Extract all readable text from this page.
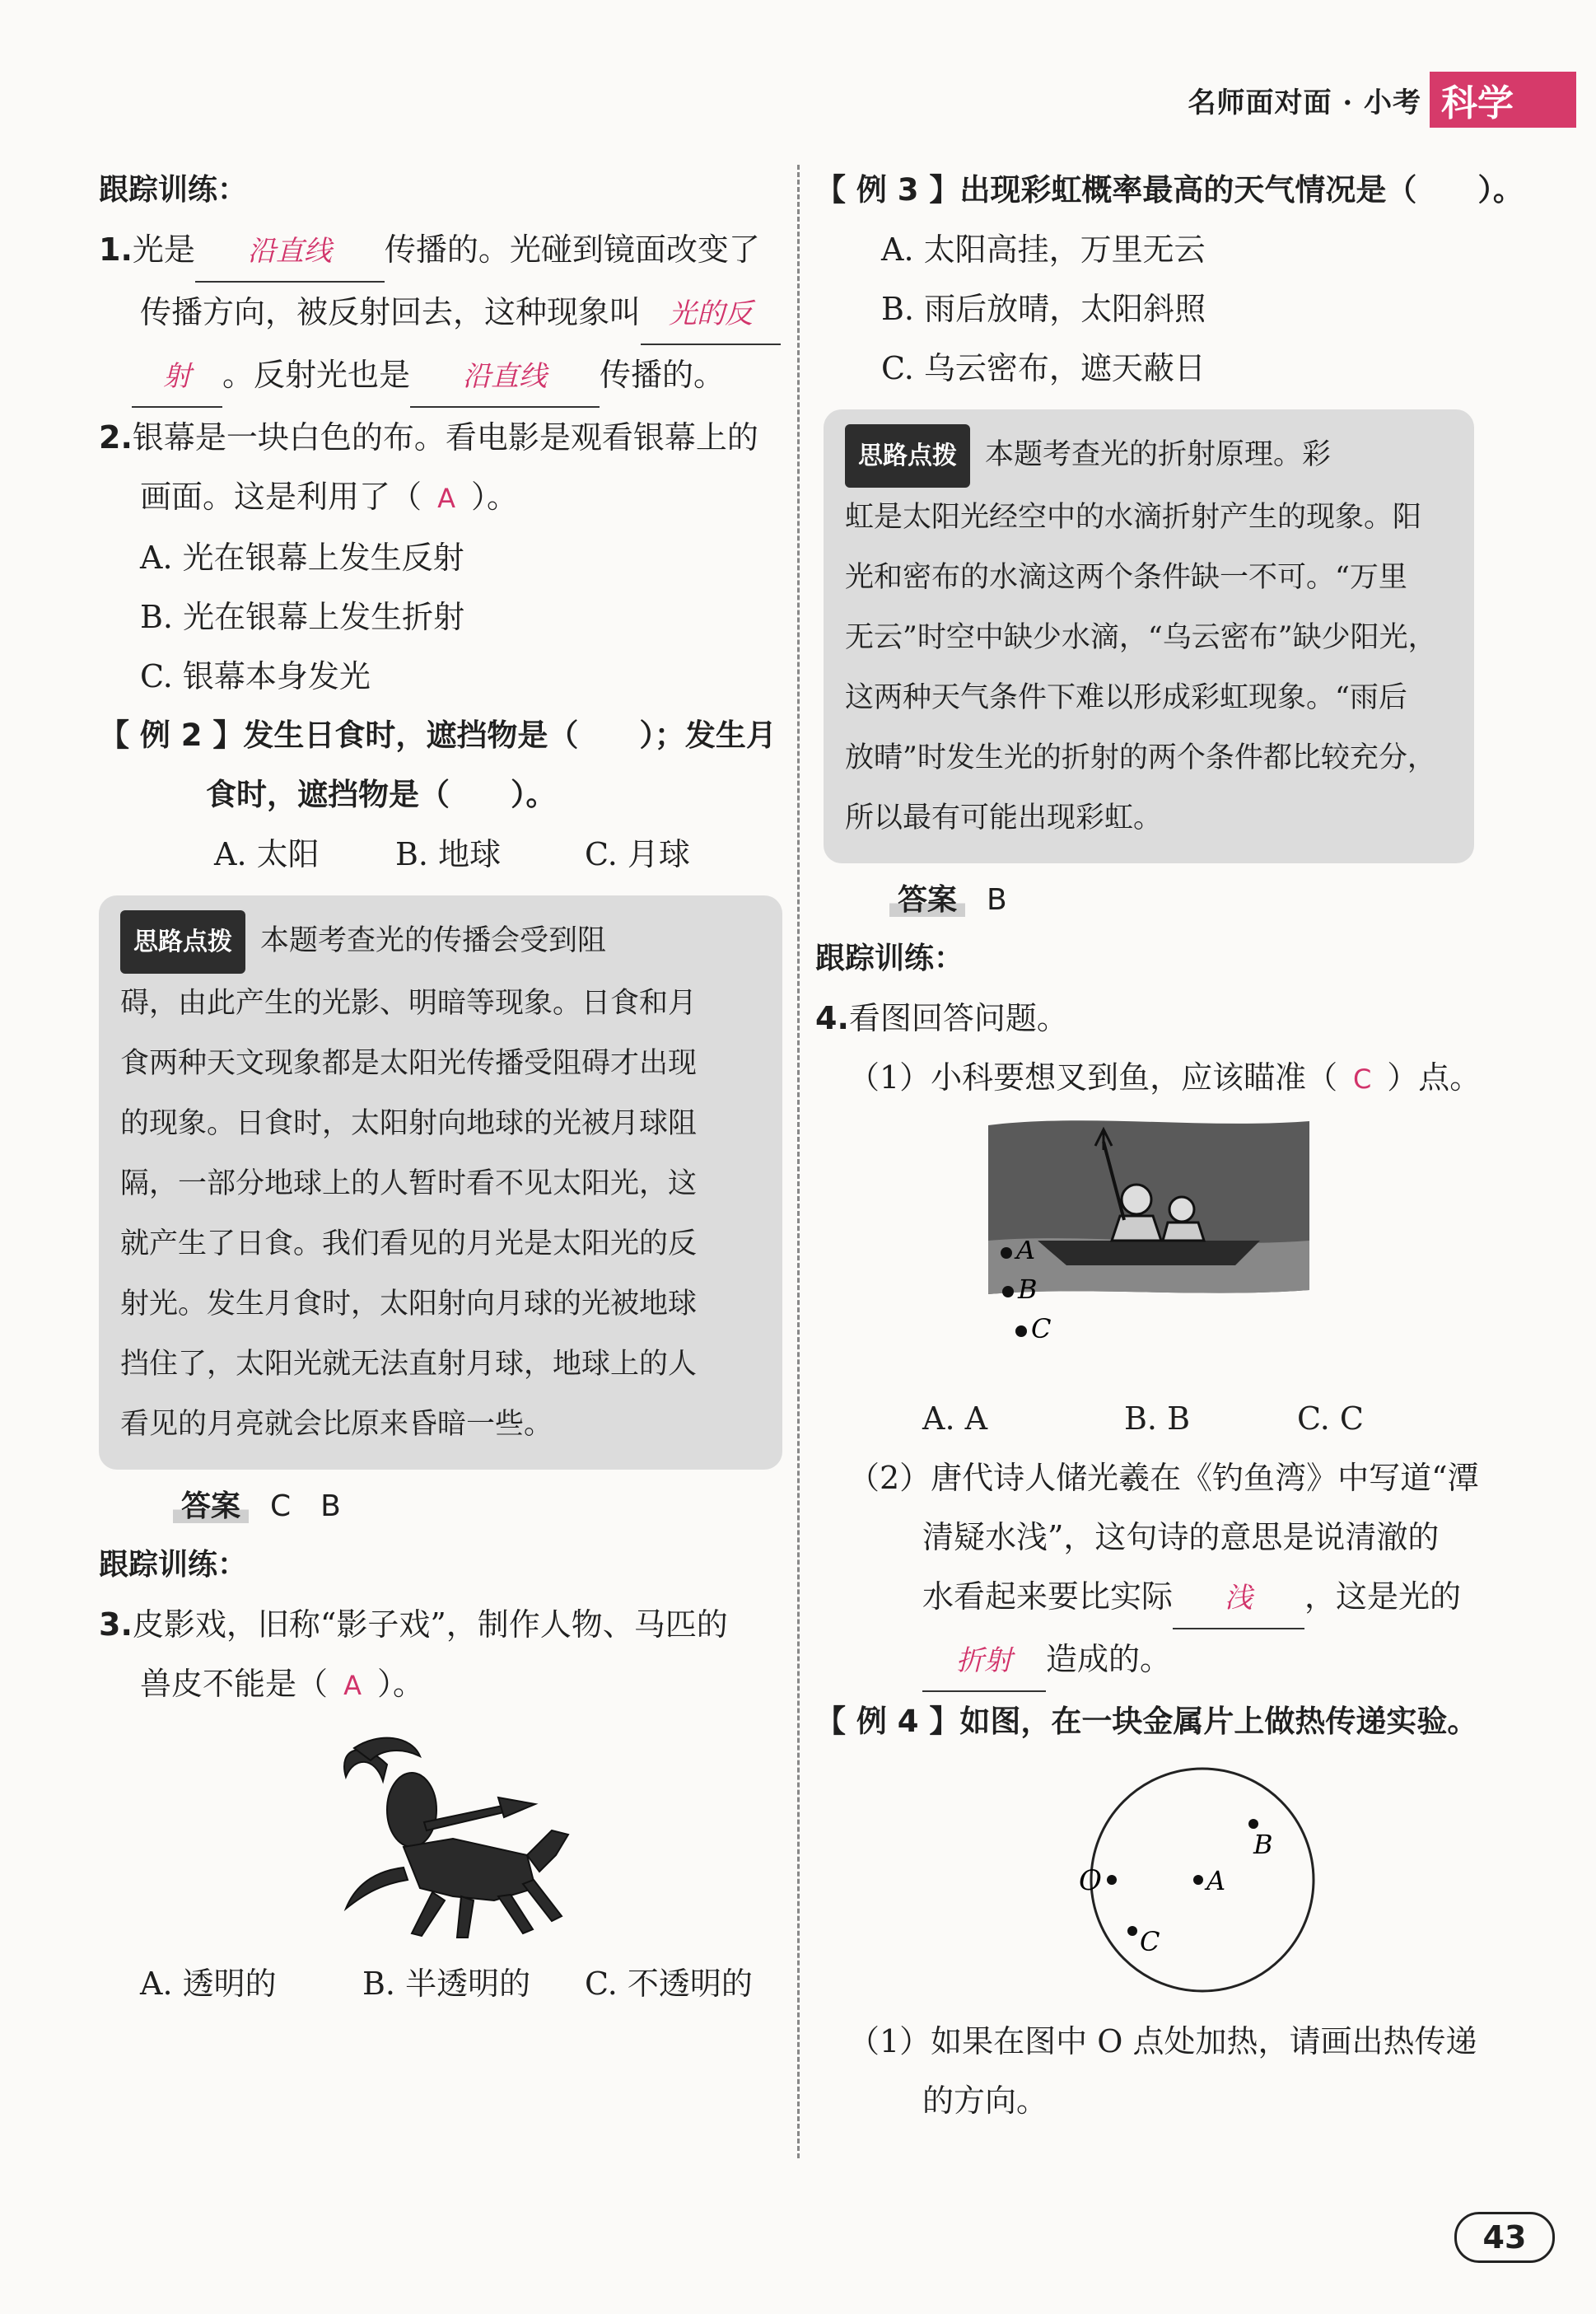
名师面对面 · 小考 科学
跟踪训练：
1.光是 沿直线 传播的。光碰到镜面改变了
传播方向，被反射回去，这种现象叫 光的反
射 。反射光也是 沿直线 传播的。
2.银幕是一块白色的布。看电影是观看银幕上的
画面。这是利用了（ A ）。
A. 光在银幕上发生反射
B. 光在银幕上发生折射
C. 银幕本身发光
【 例 2 】发生日食时，遮挡物是（　　）；发生月
食时，遮挡物是（　　）。
A. 太阳	B. 地球	C. 月球

思路点拨 本题考查光的传播会受到阻

碍，由此产生的光影、明暗等现象。日食和月

食两种天文现象都是太阳光传播受阻碍才出现

的现象。日食时，太阳射向地球的光被月球阻

隔，一部分地球上的人暂时看不见太阳光，这

就产生了日食。我们看见的月光是太阳光的反

射光。发生月食时，太阳射向月球的光被地球

挡住了，太阳光就无法直射月球，地球上的人

看见的月亮就会比原来昏暗一些。

答案 C　B
跟踪训练：
3.皮影戏，旧称“影子戏”，制作人物、马匹的
兽皮不能是（ A ）。
A. 透明的	B. 半透明的	C. 不透明的
【 例 3 】出现彩虹概率最高的天气情况是（　　）。
A. 太阳高挂，万里无云
B. 雨后放晴，太阳斜照
C. 乌云密布，遮天蔽日

思路点拨 本题考查光的折射原理。彩

虹是太阳光经空中的水滴折射产生的现象。阳

光和密布的水滴这两个条件缺一不可。“万里

无云”时空中缺少水滴，“乌云密布”缺少阳光，

这两种天气条件下难以形成彩虹现象。“雨后

放晴”时发生光的折射的两个条件都比较充分，

所以最有可能出现彩虹。

答案 B
跟踪训练：
4.看图回答问题。
（1）小科要想叉到鱼，应该瞄准（ C ）点。
A
B
C
A. A	B. B	C. C
（2）唐代诗人储光羲在《钓鱼湾》中写道“潭
清疑水浅”，这句诗的意思是说清澈的
水看起来要比实际 浅 ，这是光的
折射 造成的。
【 例 4 】如图，在一块金属片上做热传递实验。
O	A
B
C
（1）如果在图中 O 点处加热，请画出热传递
的方向。
43
